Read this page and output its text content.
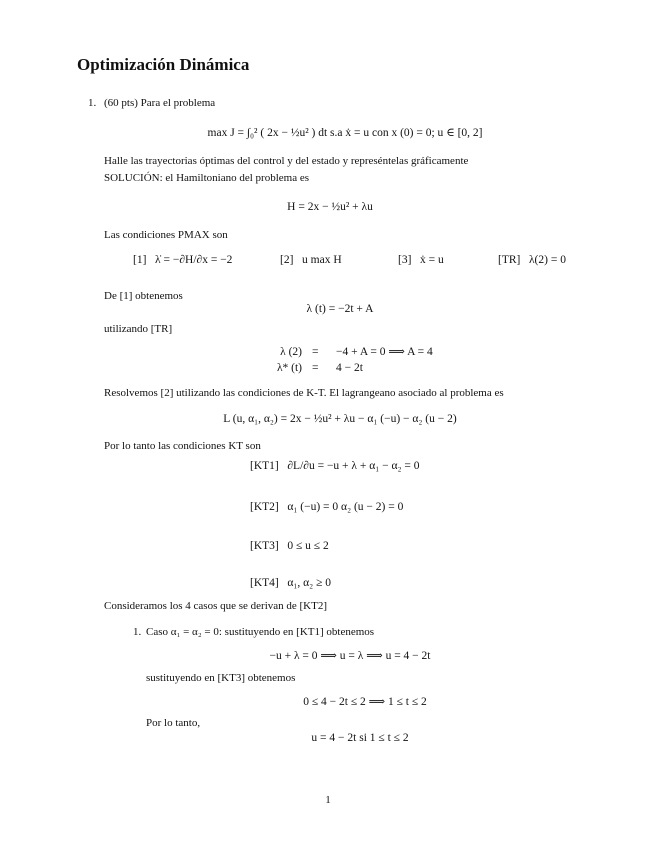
Optimización Dinámica
1. (60 pts) Para el problema
max J = ∫₀² ( 2x − ½u² ) dt s.a ẋ = u con x (0) = 0; u ∈ [0, 2]
Halle las trayectorias óptimas del control y del estado y represéntelas gráficamente
SOLUCIÓN: el Hamiltoniano del problema es
H = 2x − ½u² + λu
Las condiciones PMAX son
[1] λ̇ = −∂H/∂x = −2	[2] u max H	[3] ẋ = u	[TR] λ(2) = 0
De [1] obtenemos
λ (t) = −2t + A
utilizando [TR]
λ (2) = −4 + A = 0 ⟹ A = 4
λ* (t) = 4 − 2t
Resolvemos [2] utilizando las condiciones de K-T. El lagrangeano asociado al problema es
L (u, α₁, α₂) = 2x − ½u² + λu − α₁ (−u) − α₂ (u − 2)
Por lo tanto las condiciones KT son
[KT1] ∂L/∂u = −u + λ + α₁ − α₂ = 0
[KT2] α₁ (−u) = 0 α₂ (u − 2) = 0
[KT3] 0 ≤ u ≤ 2
[KT4] α₁, α₂ ≥ 0
Consideramos los 4 casos que se derivan de [KT2]
1. Caso α₁ = α₂ = 0: sustituyendo en [KT1] obtenemos
−u + λ = 0 ⟹ u = λ ⟹ u = 4 − 2t
sustituyendo en [KT3] obtenemos
0 ≤ 4 − 2t ≤ 2 ⟹ 1 ≤ t ≤ 2
Por lo tanto,
u = 4 − 2t si 1 ≤ t ≤ 2
1
